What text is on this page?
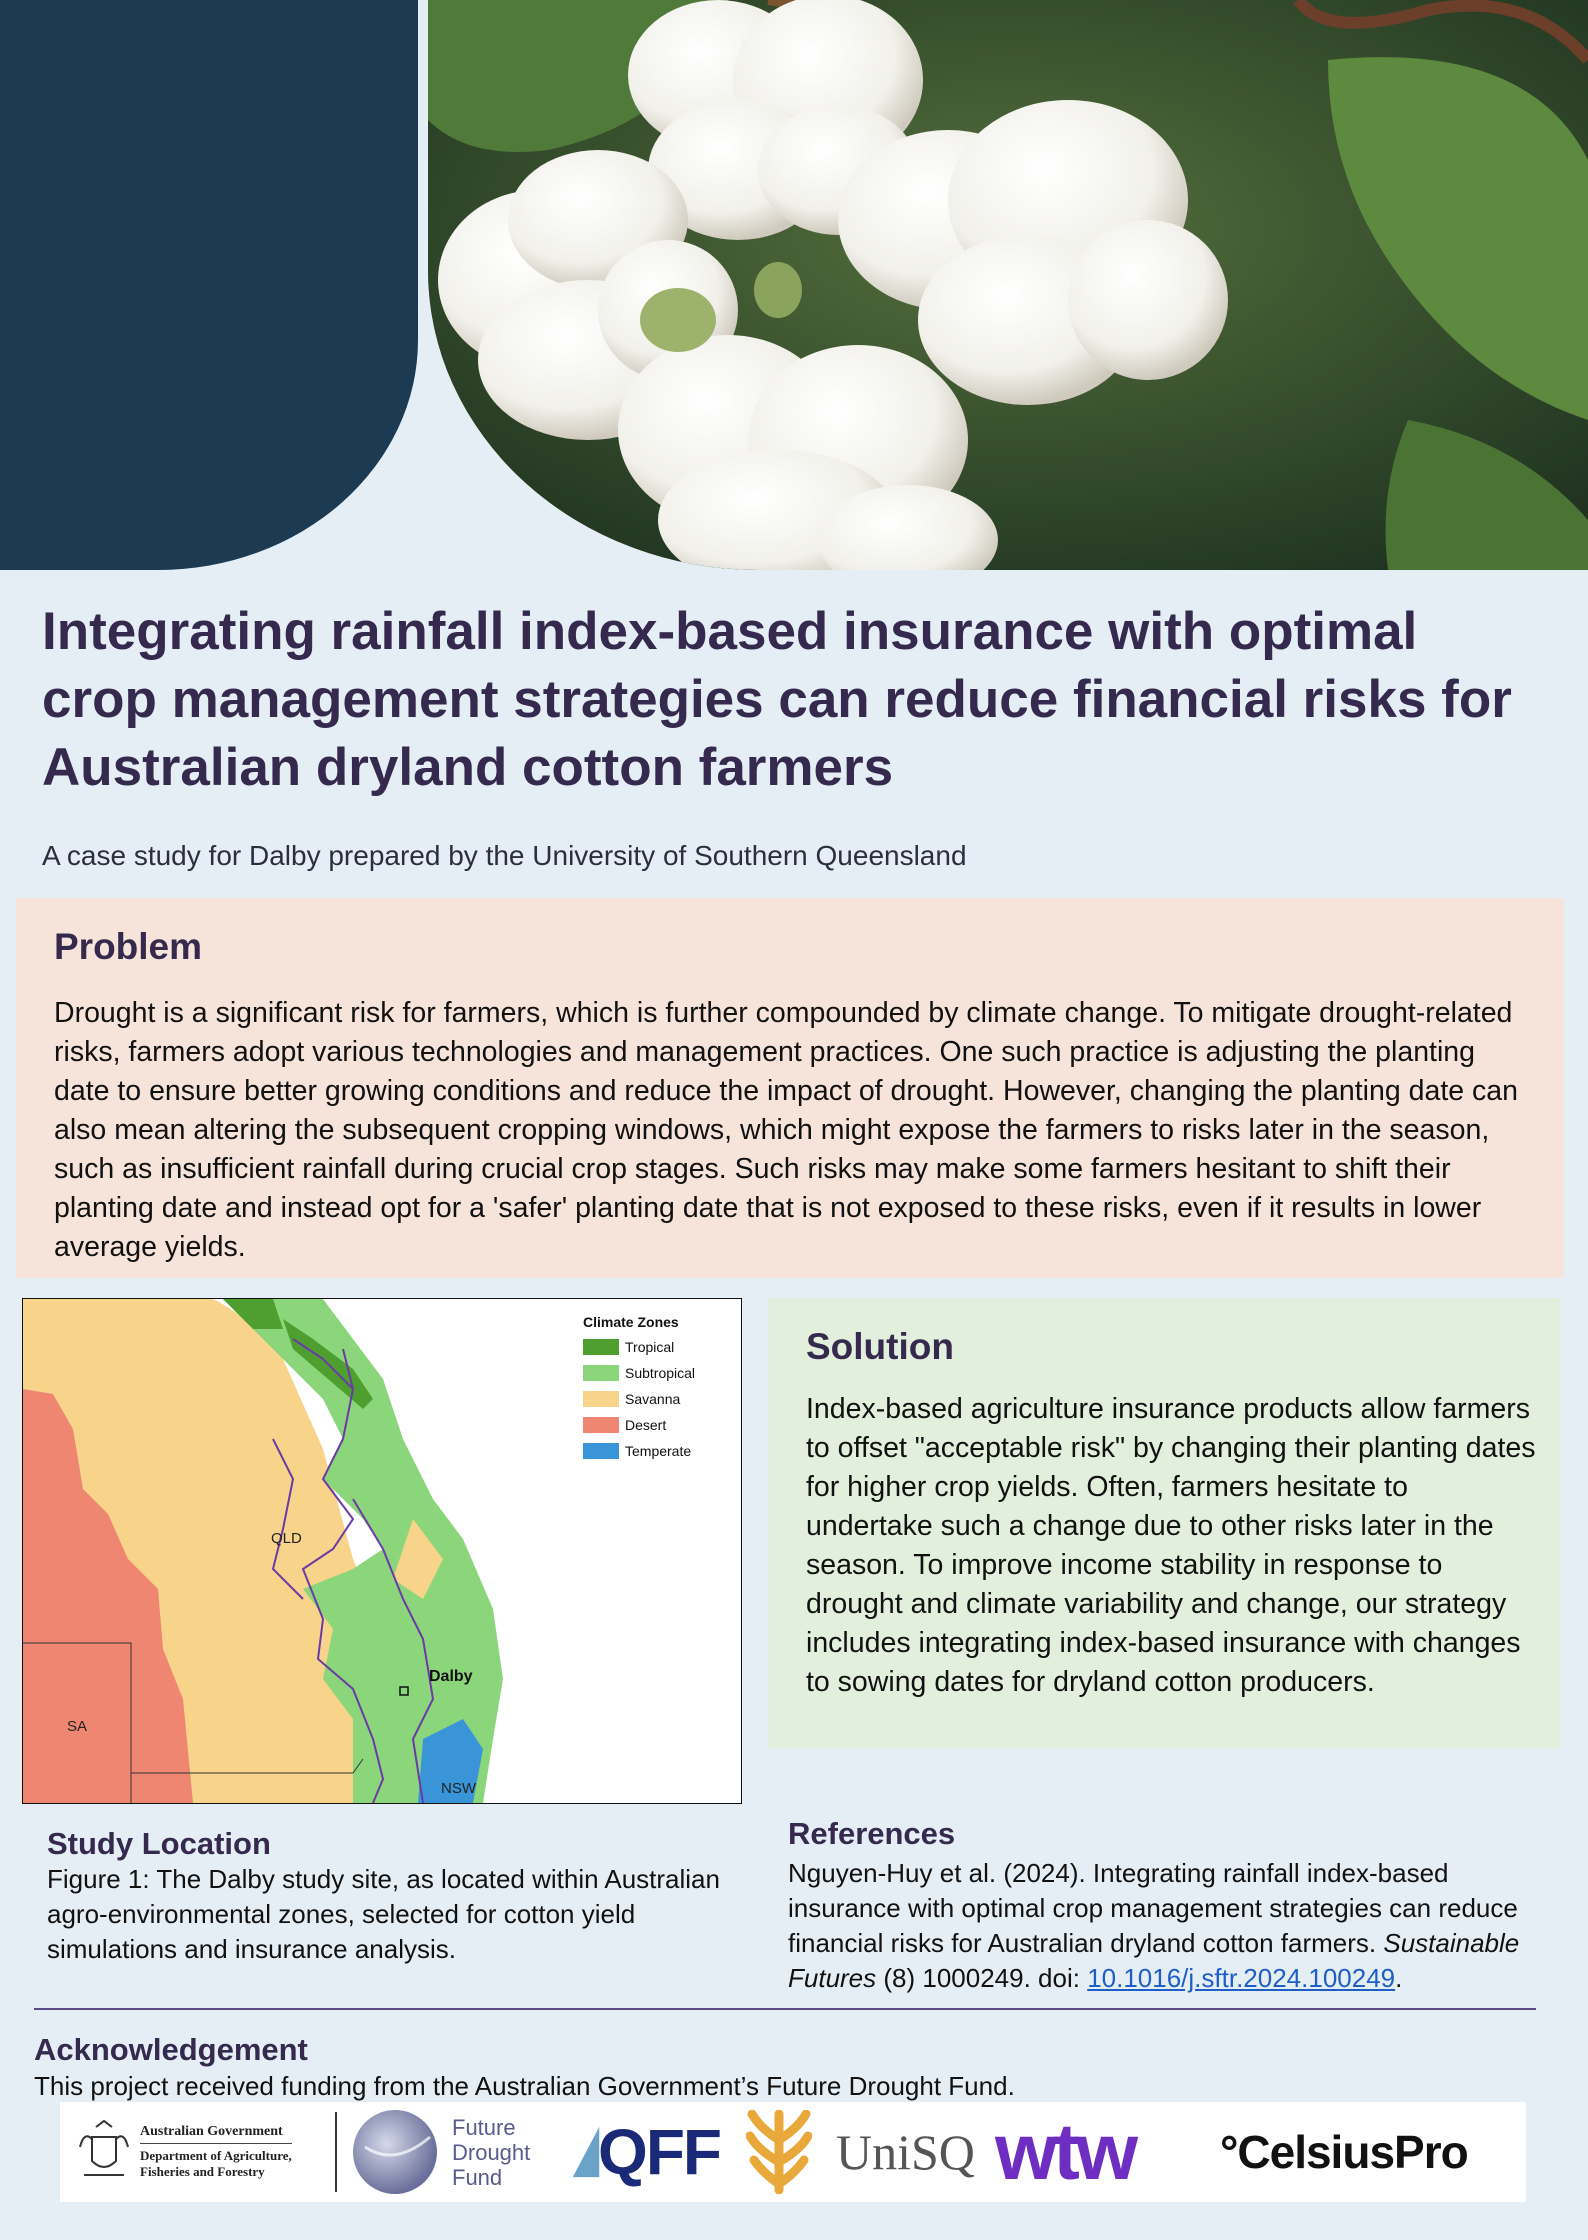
Integrating rainfall index-based insurance with optimal crop management strategies can reduce financial risks for Australian dryland cotton farmers
A case study for Dalby prepared by the University of Southern Queensland
Problem

Drought is a significant risk for farmers, which is further compounded by climate change. To mitigate drought-related risks, farmers adopt various technologies and management practices. One such practice is adjusting the planting date to ensure better growing conditions and reduce the impact of drought. However, changing the planting date can also mean altering the subsequent cropping windows, which might expose the farmers to risks later in the season, such as insufficient rainfall during crucial crop stages. Such risks may make some farmers hesitant to shift their planting date and instead opt for a 'safer' planting date that is not exposed to these risks, even if it results in lower average yields.

Climate Zones
Tropical
Subtropical
Savanna
Desert
Temperate
QLD
SA
NSW
Dalby
Solution

Index-based agriculture insurance products allow farmers to offset "acceptable risk" by changing their planting dates for higher crop yields. Often, farmers hesitate to undertake such a change due to other risks later in the season. To improve income stability in response to drought and climate variability and change, our strategy includes integrating index-based insurance with changes to sowing dates for dryland cotton producers.

Study Location
Figure 1: The Dalby study site, as located within Australian agro-environmental zones, selected for cotton yield simulations and insurance analysis.
References
Nguyen-Huy et al. (2024). Integrating rainfall index-based insurance with optimal crop management strategies can reduce financial risks for Australian dryland cotton farmers. Sustainable Futures (8) 1000249. doi: 10.1016/j.sftr.2024.100249.
Acknowledgement
This project received funding from the Australian Government’s Future Drought Fund.
Australian Government
Department of Agriculture,
Fisheries and Forestry
Future
Drought
Fund	QFF UniSQ wtw °CelsiusPro
